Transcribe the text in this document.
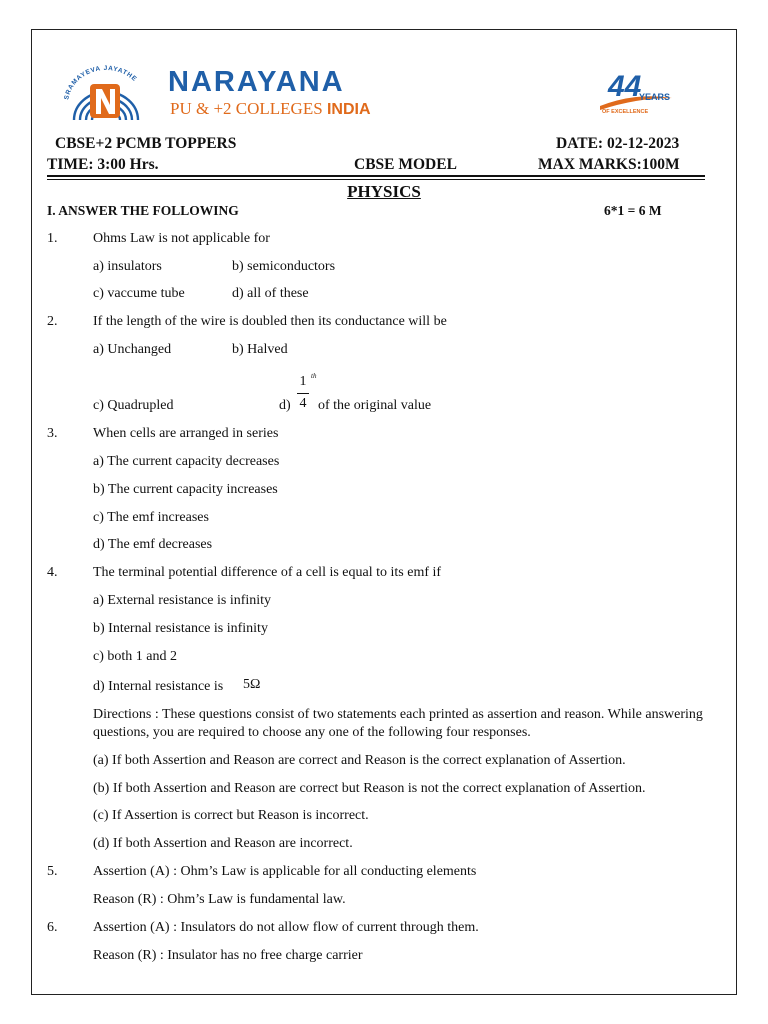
SRAMAYEVA JAYATHE NARAYANA
PU & +2 COLLEGES INDIA
44
YEARS
OF EXCELLENCE
CBSE+2 PCMB TOPPERS	DATE: 02-12-2023
TIME: 3:00 Hrs.	CBSE MODEL	MAX MARKS:100M
PHYSICS
I. ANSWER THE FOLLOWING	6*1 = 6 M
1.	Ohms Law is not applicable for
a) insulators	b) semiconductors
c) vaccume tube	d) all of these
2.	If the length of the wire is doubled then its conductance will be
a) Unchanged	b) Halved
c) Quadrupled	d)
1
4
th
of the original value
3.	When cells are arranged in series
a) The current capacity decreases
b) The current capacity increases
c) The emf increases
d) The emf decreases
4.	The terminal potential difference of a cell is equal to its emf if
a) External resistance is infinity
b) Internal resistance is infinity
c) both 1 and 2
d) Internal resistance is 5Ω
Directions : These questions consist of two statements each printed as assertion and reason. While answering questions, you are required to choose any one of the following four responses.
(a) If both Assertion and Reason are correct and Reason is the correct explanation of Assertion.
(b) If both Assertion and Reason are correct but Reason is not the correct explanation of Assertion.
(c) If Assertion is correct but Reason is incorrect.
(d) If both Assertion and Reason are incorrect.
5.	Assertion (A) : Ohm’s Law is applicable for all conducting elements
Reason (R) : Ohm’s Law is fundamental law.
6.	Assertion (A) : Insulators do not allow flow of current through them.
Reason (R) : Insulator has no free charge carrier
